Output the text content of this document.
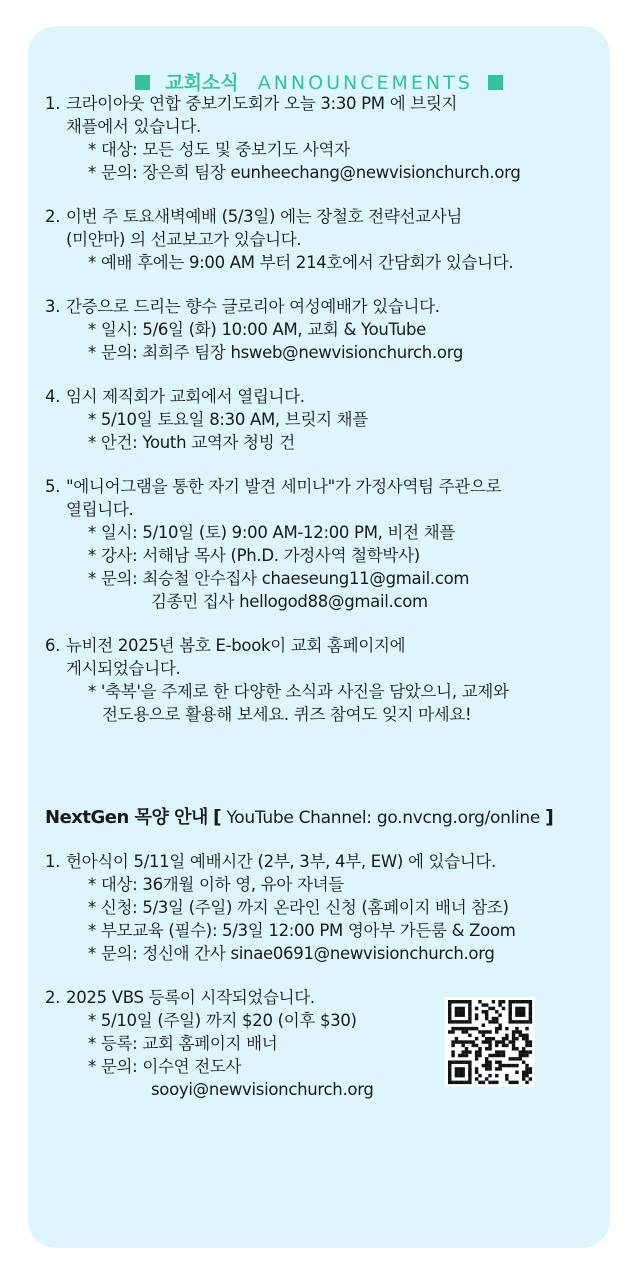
교회소식 ANNOUNCEMENTS
1. 크라이아웃 연합 중보기도회가 오늘 3:30 PM 에 브릿지
채플에서 있습니다.
* 대상: 모든 성도 및 중보기도 사역자
* 문의: 장은희 팀장 eunheechang@newvisionchurch.org
2. 이번 주 토요새벽예배 (5/3일) 에는 장철호 전략선교사님
(미얀마) 의 선교보고가 있습니다.
* 예배 후에는 9:00 AM 부터 214호에서 간담회가 있습니다.
3. 간증으로 드리는 향수 글로리아 여성예배가 있습니다.
* 일시: 5/6일 (화) 10:00 AM, 교회 & YouTube
* 문의: 최희주 팀장 hsweb@newvisionchurch.org
4. 임시 제직회가 교회에서 열립니다.
* 5/10일 토요일 8:30 AM, 브릿지 채플
* 안건: Youth 교역자 청빙 건
5. "에니어그램을 통한 자기 발견 세미나"가 가정사역팀 주관으로
열립니다.
* 일시: 5/10일 (토) 9:00 AM-12:00 PM, 비전 채플
* 강사: 서해남 목사 (Ph.D. 가정사역 철학박사)
* 문의: 최승철 안수집사 chaeseung11@gmail.com
김종민 집사 hellogod88@gmail.com
6. 뉴비전 2025년 봄호 E-book이 교회 홈페이지에
게시되었습니다.
* '축복'을 주제로 한 다양한 소식과 사진을 담았으니, 교제와
전도용으로 활용해 보세요. 퀴즈 참여도 잊지 마세요!
NextGen 목양 안내 [ YouTube Channel: go.nvcng.org/online ]
1. 헌아식이 5/11일 예배시간 (2부, 3부, 4부, EW) 에 있습니다.
* 대상: 36개월 이하 영, 유아 자녀들
* 신청: 5/3일 (주일) 까지 온라인 신청 (홈페이지 배너 참조)
* 부모교육 (필수): 5/3일 12:00 PM 영아부 가든룸 & Zoom
* 문의: 정신애 간사 sinae0691@newvisionchurch.org
2. 2025 VBS 등록이 시작되었습니다.
* 5/10일 (주일) 까지 $20 (이후 $30)
* 등록: 교회 홈페이지 배너
* 문의: 이수연 전도사
sooyi@newvisionchurch.org
